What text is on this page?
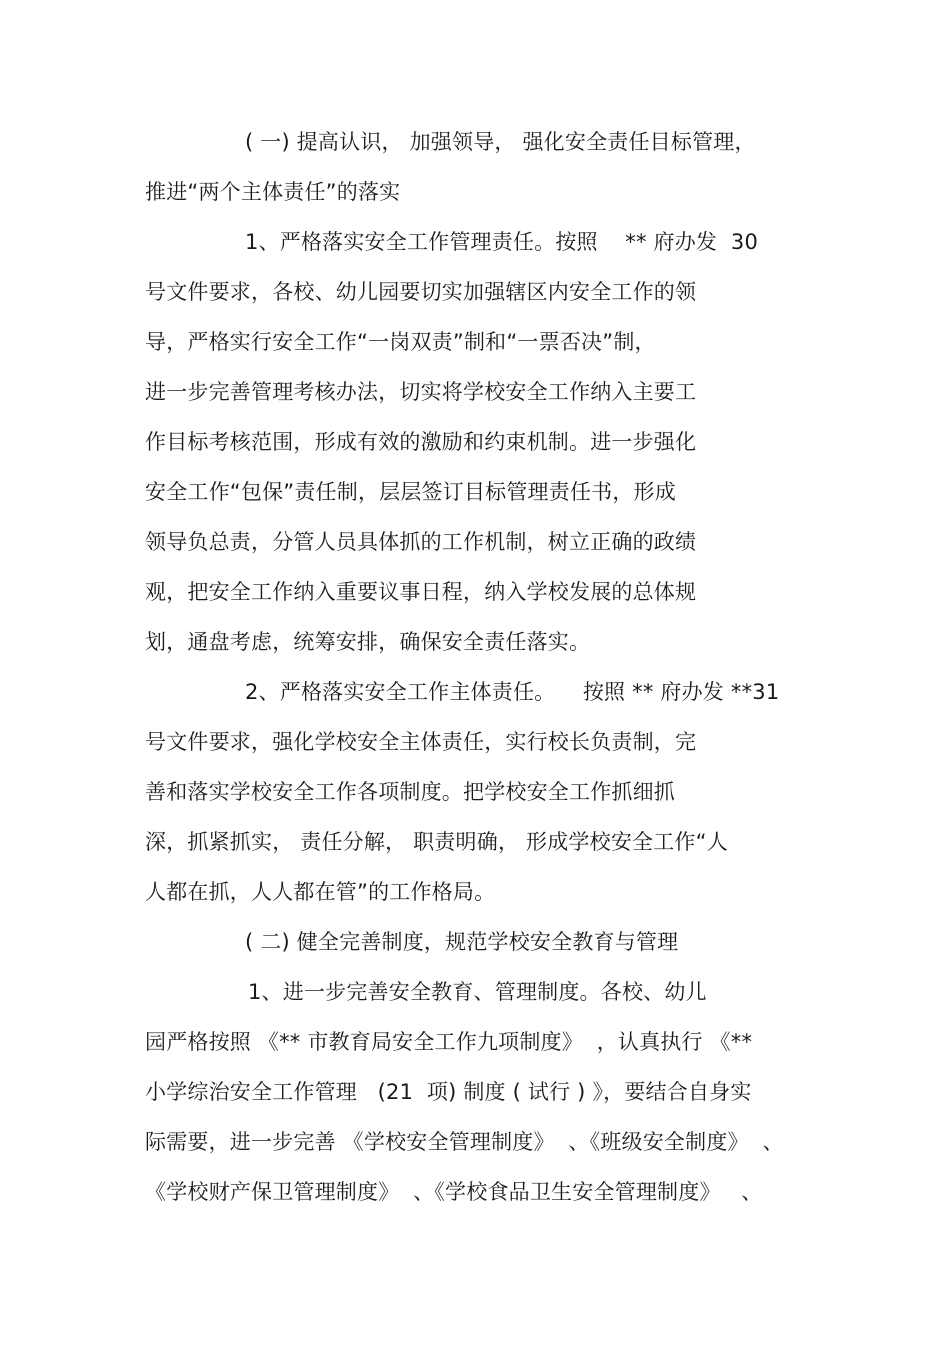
( 一) 提高认识， 加强领导， 强化安全责任目标管理，
推进“两个主体责任”的落实
1、严格落实安全工作管理责任。按照    ** 府办发  30
号文件要求，各校、幼儿园要切实加强辖区内安全工作的领
导，严格实行安全工作“一岗双责”制和“一票否决”制，
进一步完善管理考核办法，切实将学校安全工作纳入主要工
作目标考核范围，形成有效的激励和约束机制。进一步强化
安全工作“包保”责任制，层层签订目标管理责任书，形成
领导负总责，分管人员具体抓的工作机制，树立正确的政绩
观，把安全工作纳入重要议事日程，纳入学校发展的总体规
划，通盘考虑，统筹安排，确保安全责任落实。
2、严格落实安全工作主体责任。    按照 ** 府办发 **31
号文件要求，强化学校安全主体责任，实行校长负责制，完
善和落实学校安全工作各项制度。把学校安全工作抓细抓
深，抓紧抓实， 责任分解， 职责明确， 形成学校安全工作“人
人都在抓，人人都在管”的工作格局。
( 二) 健全完善制度，规范学校安全教育与管理
1、进一步完善安全教育、管理制度。各校、幼儿
园严格按照 《** 市教育局安全工作九项制度》  ，认真执行 《**
小学综治安全工作管理   (21  项) 制度 ( 试行 ) 》，要结合自身实
际需要，进一步完善 《学校安全管理制度》  、《班级安全制度》  、
《学校财产保卫管理制度》  、《学校食品卫生安全管理制度》   、
